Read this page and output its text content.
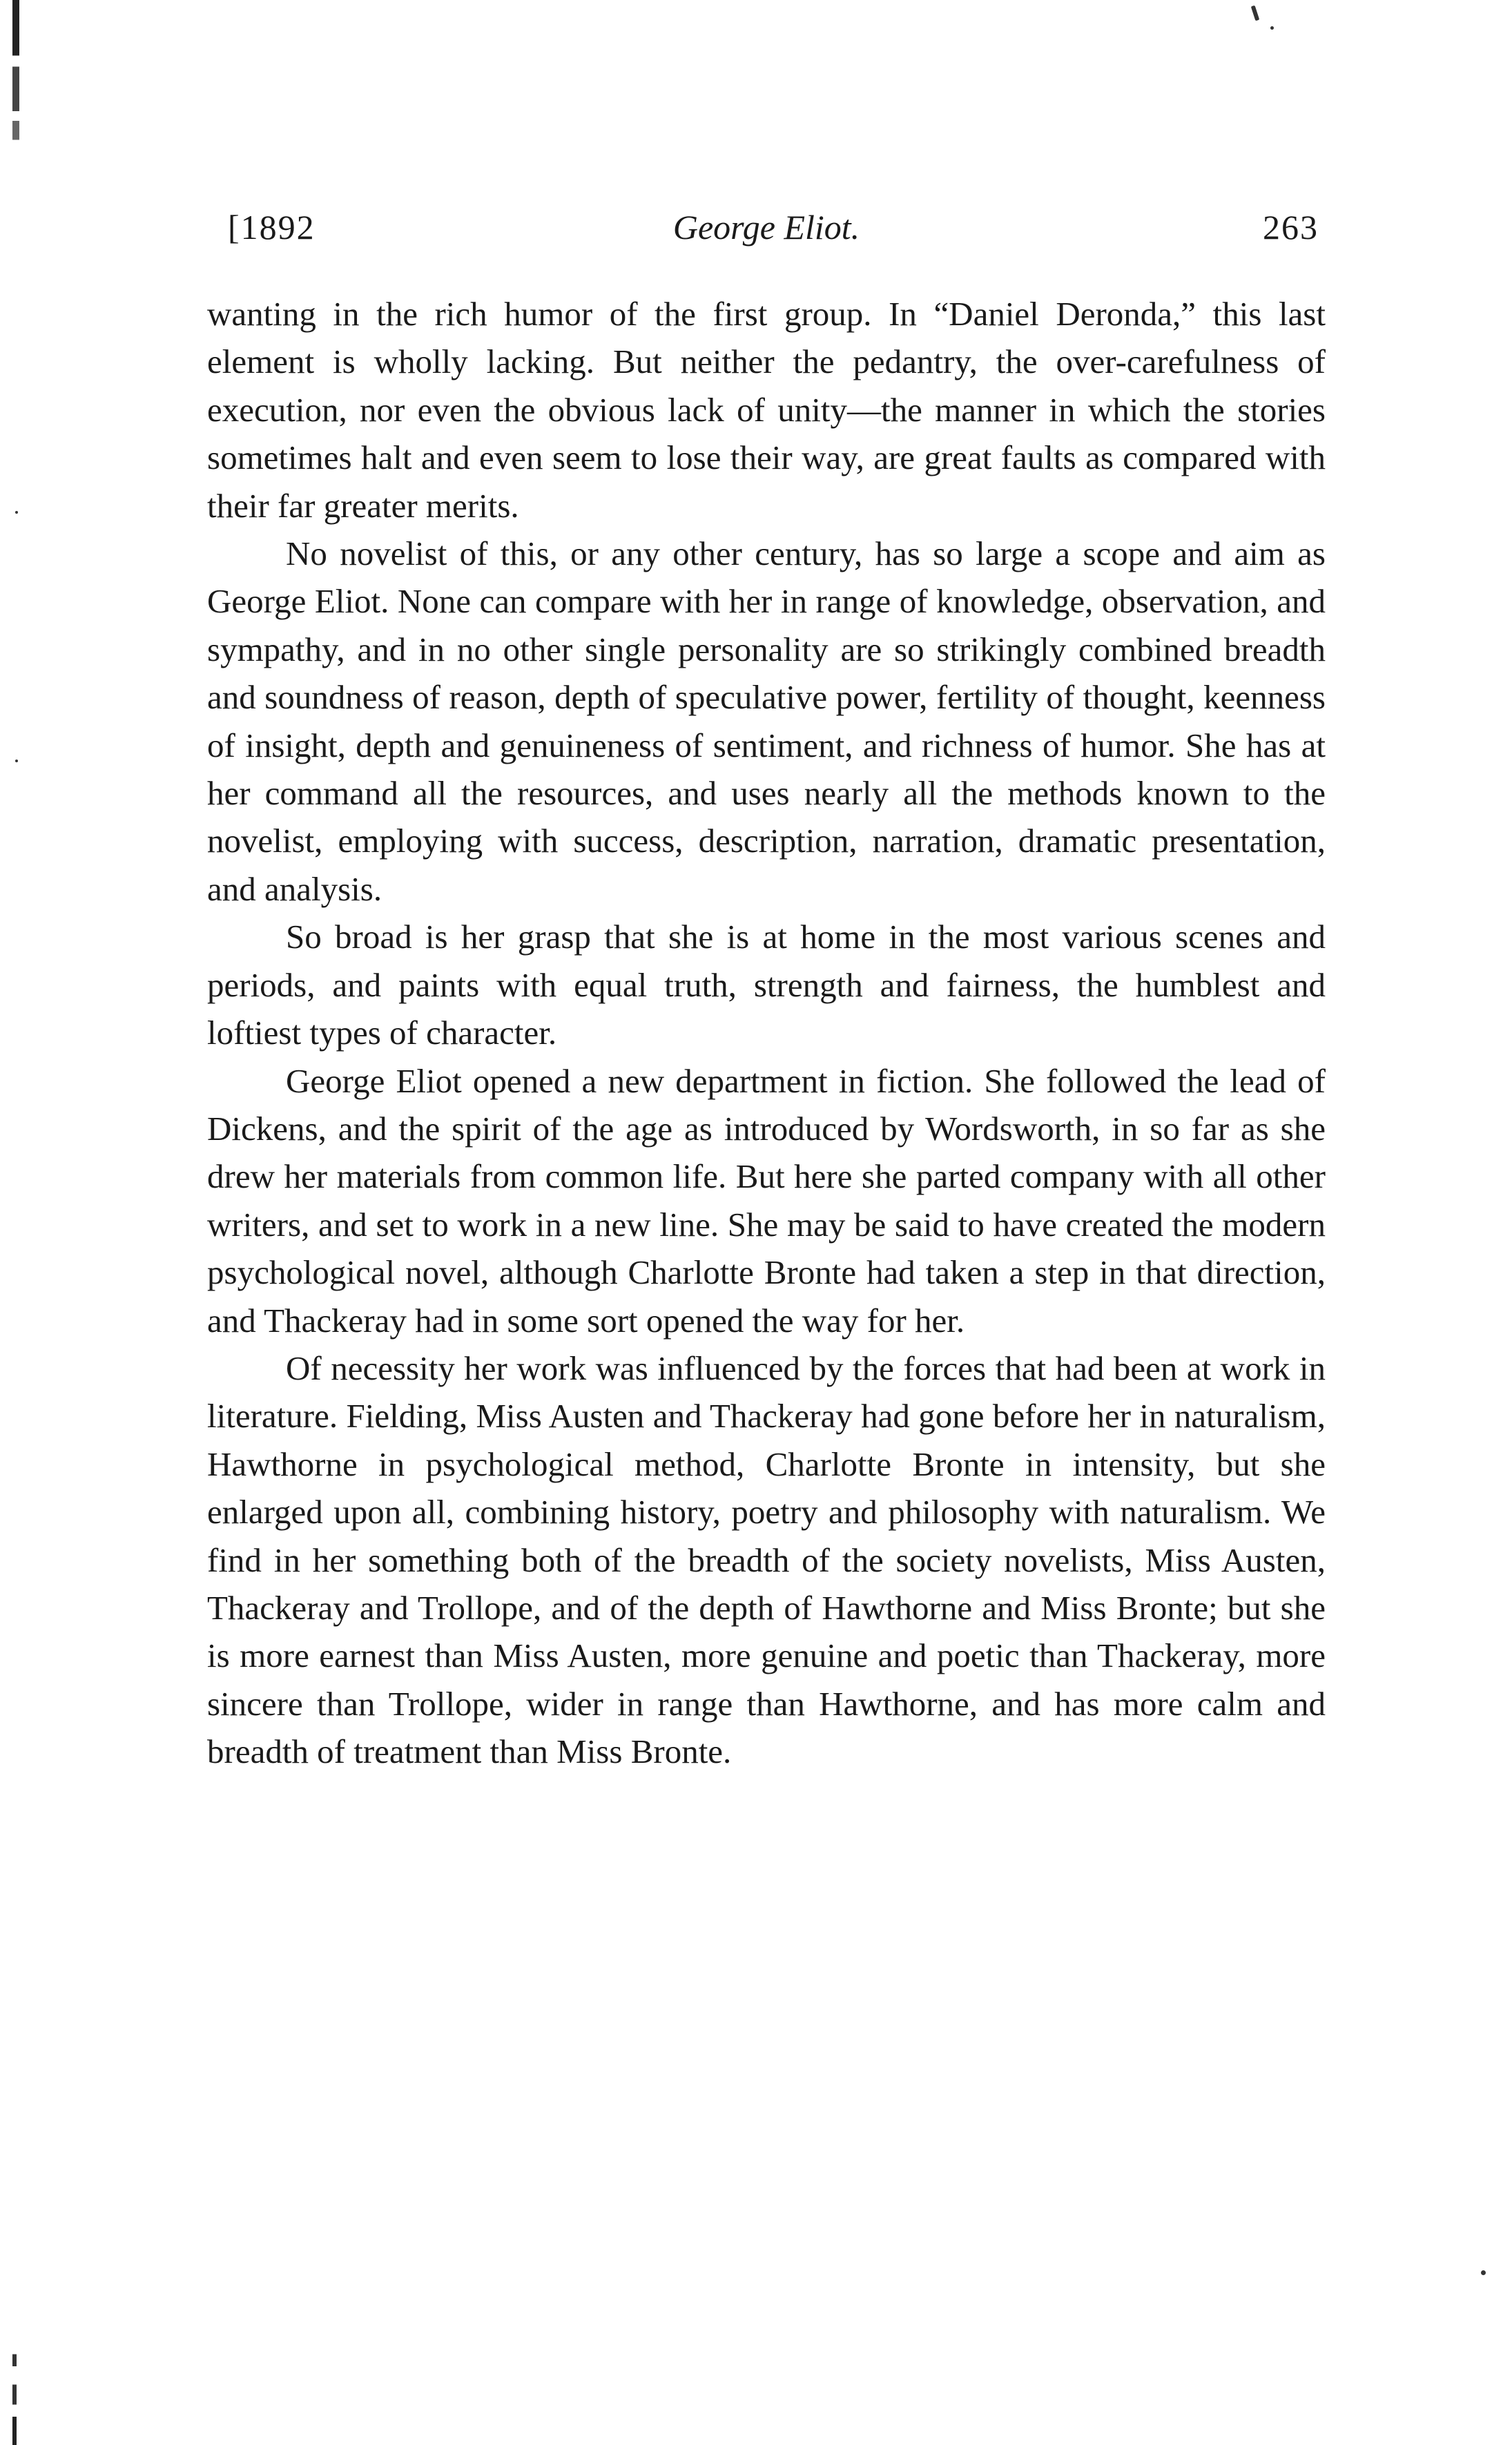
[1892	George Eliot.	263

wanting in the rich humor of the first group. In “Daniel Deronda,” this last element is wholly lacking. But neither the pedantry, the over-carefulness of execution, nor even the obvious lack of unity—the manner in which the stories sometimes halt and even seem to lose their way, are great faults as compared with their far greater merits.

No novelist of this, or any other century, has so large a scope and aim as George Eliot. None can compare with her in range of knowledge, observation, and sympathy, and in no other single personality are so strikingly combined breadth and soundness of reason, depth of speculative power, fertility of thought, keenness of insight, depth and genuineness of sentiment, and richness of humor. She has at her command all the resources, and uses nearly all the methods known to the novelist, employing with success, description, narration, dramatic presentation, and analysis.

So broad is her grasp that she is at home in the most various scenes and periods, and paints with equal truth, strength and fairness, the humblest and loftiest types of character.

George Eliot opened a new department in fiction. She followed the lead of Dickens, and the spirit of the age as introduced by Wordsworth, in so far as she drew her materials from common life. But here she parted company with all other writers, and set to work in a new line. She may be said to have created the modern psychological novel, although Charlotte Bronte had taken a step in that direction, and Thackeray had in some sort opened the way for her.

Of necessity her work was influenced by the forces that had been at work in literature. Fielding, Miss Austen and Thackeray had gone before her in naturalism, Hawthorne in psychological method, Charlotte Bronte in intensity, but she enlarged upon all, combining history, poetry and philosophy with naturalism. We find in her something both of the breadth of the society novelists, Miss Austen, Thackeray and Trollope, and of the depth of Hawthorne and Miss Bronte; but she is more earnest than Miss Austen, more genuine and poetic than Thackeray, more sincere than Trollope, wider in range than Hawthorne, and has more calm and breadth of treatment than Miss Bronte.
